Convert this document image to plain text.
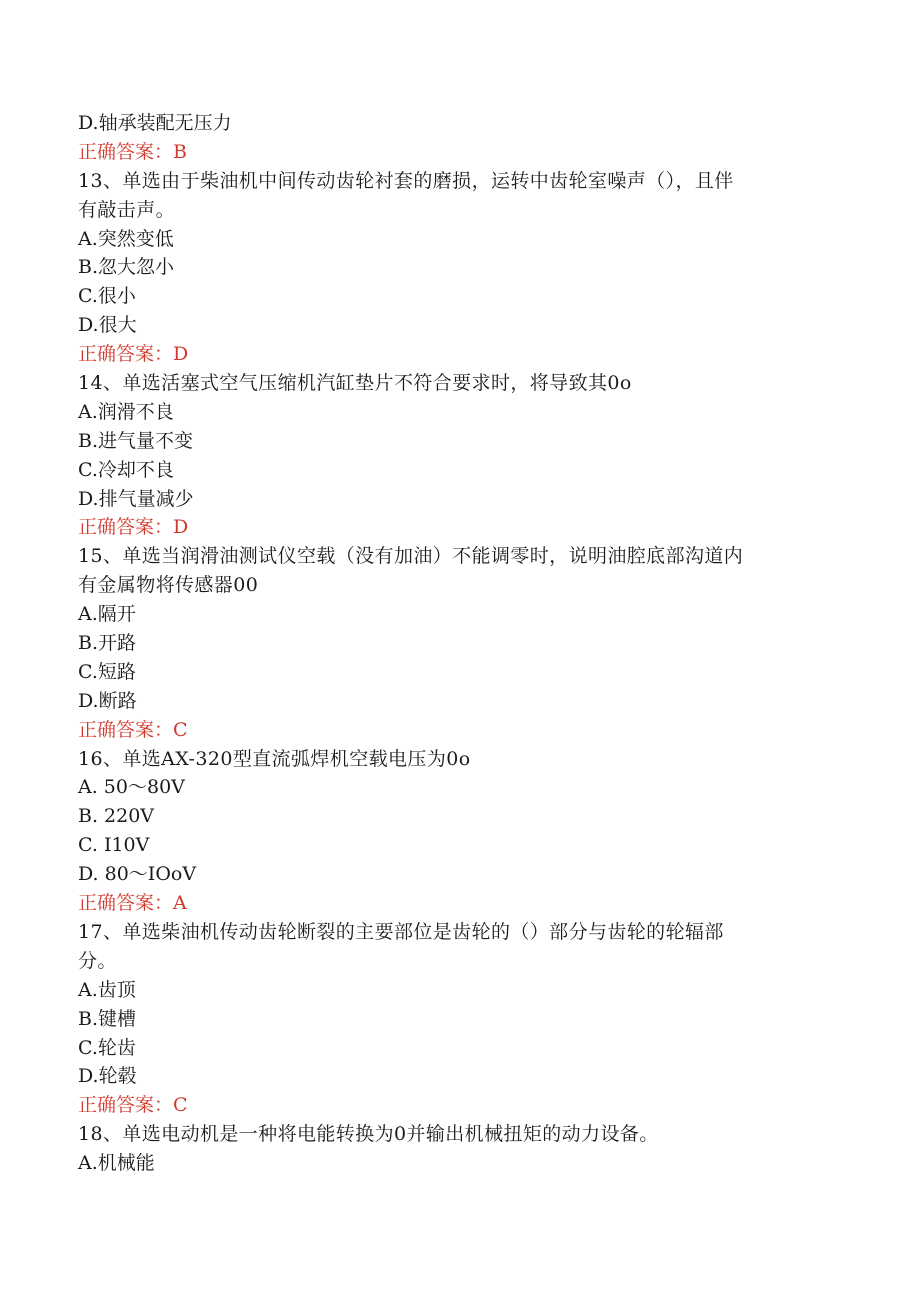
D.轴承装配无压力
正确答案：B
13、单选由于柴油机中间传动齿轮衬套的磨损，运转中齿轮室噪声（），且伴
有敲击声。
A.突然变低
B.忽大忽小
C.很小
D.很大
正确答案：D
14、单选活塞式空气压缩机汽缸垫片不符合要求时，将导致其0o
A.润滑不良
B.进气量不变
C.冷却不良
D.排气量减少
正确答案：D
15、单选当润滑油测试仪空载（没有加油）不能调零时，说明油腔底部沟道内
有金属物将传感器00
A.隔开
B.开路
C.短路
D.断路
正确答案：C
16、单选AX-320型直流弧焊机空载电压为0o
A. 50～80V
B. 220V
C. I10V
D. 80～IOoV
正确答案：A
17、单选柴油机传动齿轮断裂的主要部位是齿轮的（）部分与齿轮的轮辐部
分。
A.齿顶
B.键槽
C.轮齿
D.轮毂
正确答案：C
18、单选电动机是一种将电能转换为0并输出机械扭矩的动力设备。
A.机械能
